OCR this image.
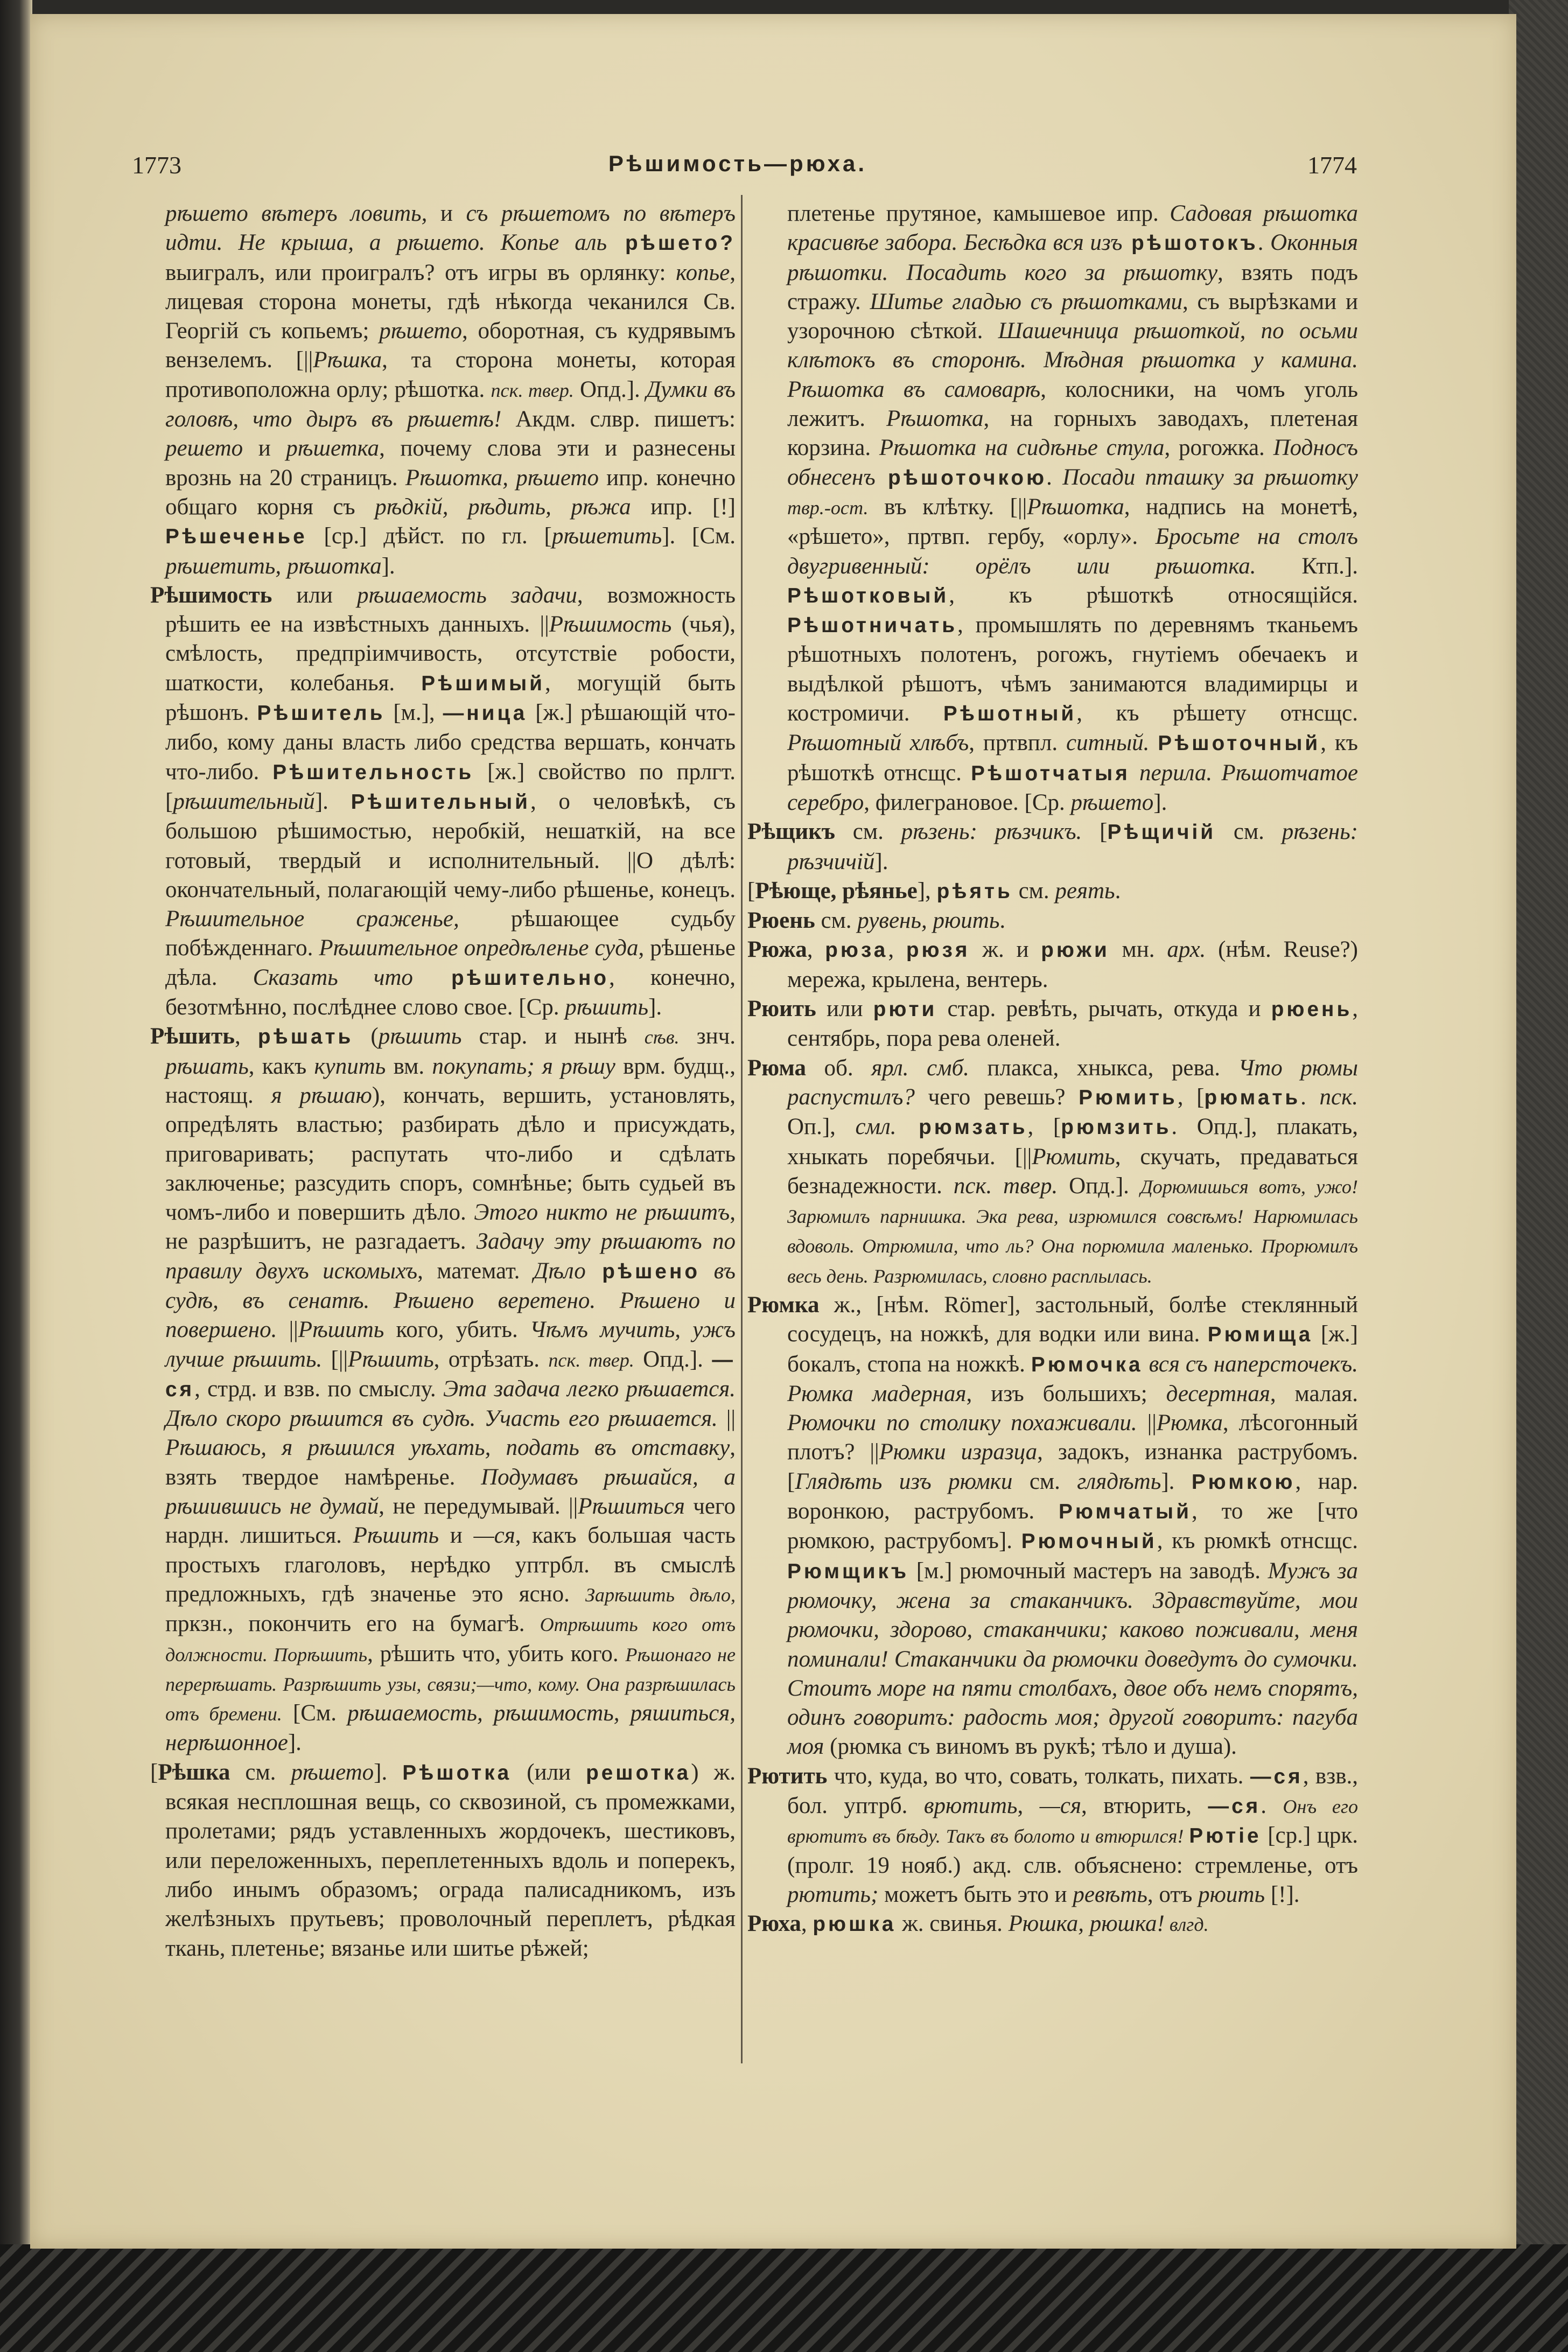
1773	Рѣшимость—рюха.	1774

рѣшето вѣтеръ ловить, и съ рѣшетомъ по вѣтеръ идти. Не крыша, а рѣшето. Копье аль рѣшето? выигралъ, или проигралъ? отъ игры въ орлянку: копье, лицевая сторона монеты, гдѣ нѣкогда чеканился Св. Георгій съ копьемъ; рѣшето, оборотная, съ кудрявымъ вензелемъ. [||Рѣшка, та сторона монеты, которая противоположна орлу; рѣшотка. пск. твер. Опд.]. Думки въ головѣ, что дыръ въ рѣшетѣ! Акдм. слвр. пишетъ: решето и рѣшетка, почему слова эти и разнесены врознь на 20 страницъ. Рѣшотка, рѣшето ипр. конечно общаго корня съ рѣдкій, рѣдить, рѣжа ипр. [!] Рѣшеченье [ср.] дѣйст. по гл. [рѣшетить]. [См. рѣшетить, рѣшотка].

Рѣшимость или рѣшаемость задачи, возможность рѣшить ее на извѣстныхъ данныхъ. ||Рѣшимость (чья), смѣлость, предпріимчивость, отсутствіе робости, шаткости, колебанья. Рѣшимый, могущій быть рѣшонъ. Рѣшитель [м.], —ница [ж.] рѣшающій что-либо, кому даны власть либо средства вершать, кончать что-либо. Рѣшительность [ж.] свойство по прлгт. [рѣшительный]. Рѣшительный, о человѣкѣ, съ большою рѣшимостью, неробкій, нешаткій, на все готовый, твердый и исполнительный. ||О дѣлѣ: окончательный, полагающій чему-либо рѣшенье, конецъ. Рѣшительное сраженье, рѣшающее судьбу побѣжденнаго. Рѣшительное опредѣленье суда, рѣшенье дѣла. Сказать что рѣшительно, конечно, безотмѣнно, послѣднее слово свое. [Ср. рѣшить].

Рѣшить, рѣшать (рѣшить стар. и нынѣ сѣв. знч. рѣшать, какъ купить вм. покупать; я рѣшу врм. будщ., настоящ. я рѣшаю), кончать, вершить, установлять, опредѣлять властью; разбирать дѣло и присуждать, приговаривать; распутать что-либо и сдѣлать заключенье; разсудить споръ, сомнѣнье; быть судьей въ чомъ-либо и повершить дѣло. Этого никто не рѣшитъ, не разрѣшитъ, не разгадаетъ. Задачу эту рѣшаютъ по правилу двухъ искомыхъ, математ. Дѣло рѣшено въ судѣ, въ сенатѣ. Рѣшено веретено. Рѣшено и повершено. ||Рѣшить кого, убить. Чѣмъ мучить, ужъ лучше рѣшить. [||Рѣшить, отрѣзать. пск. твер. Опд.]. —ся, стрд. и взв. по смыслу. Эта задача легко рѣшается. Дѣло скоро рѣшится въ судѣ. Участь его рѣшается. ||Рѣшаюсь, я рѣшился уѣхать, подать въ отставку, взять твердое намѣренье. Подумавъ рѣшайся, а рѣшившись не думай, не передумывай. ||Рѣшиться чего нардн. лишиться. Рѣшить и —ся, какъ большая часть простыхъ глаголовъ, нерѣдко уптрбл. въ смыслѣ предложныхъ, гдѣ значенье это ясно. Зарѣшить дѣло, пркзн., покончить его на бумагѣ. Отрѣшить кого отъ должности. Порѣшить, рѣшить что, убить кого. Рѣшонаго не перерѣшать. Разрѣшить узы, связи;—что, кому. Она разрѣшилась отъ бремени. [См. рѣшаемость, рѣшимость, ряшиться, нерѣшонное].

[Рѣшка см. рѣшето]. Рѣшотка (или решотка) ж. всякая несплошная вещь, со сквозиной, съ промежками, пролетами; рядъ уставленныхъ жордочекъ, шестиковъ, или переложенныхъ, переплетенныхъ вдоль и поперекъ, либо инымъ образомъ; ограда палисадникомъ, изъ желѣзныхъ прутьевъ; проволочный переплетъ, рѣдкая ткань, плетенье; вязанье или шитье рѣжей;

плетенье прутяное, камышевое ипр. Садовая рѣшотка красивѣе забора. Бесѣдка вся изъ рѣшотокъ. Оконныя рѣшотки. Посадить кого за рѣшотку, взять подъ стражу. Шитье гладью съ рѣшотками, съ вырѣзками и узорочною сѣткой. Шашечница рѣшоткой, по осьми клѣтокъ въ сторонѣ. Мѣдная рѣшотка у камина. Рѣшотка въ самоварѣ, колосники, на чомъ уголь лежитъ. Рѣшотка, на горныхъ заводахъ, плетеная корзина. Рѣшотка на сидѣнье стула, рогожка. Подносъ обнесенъ рѣшоточкою. Посади пташку за рѣшотку твр.-ост. въ клѣтку. [||Рѣшотка, надпись на монетѣ, «рѣшето», пртвп. гербу, «орлу». Бросьте на столъ двугривенный: орёлъ или рѣшотка. Ктп.]. Рѣшотковый, къ рѣшоткѣ относящійся. Рѣшотничать, промышлять по деревнямъ тканьемъ рѣшотныхъ полотенъ, рогожъ, гнутіемъ обечаекъ и выдѣлкой рѣшотъ, чѣмъ занимаются владимирцы и костромичи. Рѣшотный, къ рѣшету отнсщс. Рѣшотный хлѣбъ, пртвпл. ситный. Рѣшоточный, къ рѣшоткѣ отнсщс. Рѣшотчатыя перила. Рѣшотчатое серебро, филеграновое. [Ср. рѣшето].

Рѣщикъ см. рѣзень: рѣзчикъ. [Рѣщичій см. рѣзень: рѣзчичій].

[Рѣюще, рѣянье], рѣять см. реять.

Рюень см. рувень, рюить.

Рюжа, рюза, рюзя ж. и рюжи мн. арх. (нѣм. Reuse?) мережа, крылена, вентерь.

Рюить или рюти стар. ревѣть, рычать, откуда и рюень, сентябрь, пора рева оленей.

Рюма об. ярл. смб. плакса, хныкса, рева. Что рюмы распустилъ? чего ревешь? Рюмить, [рюмать. пск. Оп.], смл. рюмзать, [рюмзить. Опд.], плакать, хныкать поребячьи. [||Рюмить, скучать, предаваться безнадежности. пск. твер. Опд.]. Дорюмишься вотъ, ужо! Зарюмилъ парнишка. Эка рева, изрюмился совсѣмъ! Нарюмилась вдоволь. Отрюмила, что ль? Она порюмила маленько. Прорюмилъ весь день. Разрюмилась, словно расплылась.

Рюмка ж., [нѣм. Römer], застольный, болѣе стеклянный сосудецъ, на ножкѣ, для водки или вина. Рюмища [ж.] бокалъ, стопа на ножкѣ. Рюмочка вся съ наперсточекъ. Рюмка мадерная, изъ большихъ; десертная, малая. Рюмочки по столику похаживали. ||Рюмка, лѣсогонный плотъ? ||Рюмки изразца, задокъ, изнанка раструбомъ. [Глядѣть изъ рюмки см. глядѣть]. Рюмкою, нар. воронкою, раструбомъ. Рюмчатый, то же [что рюмкою, раструбомъ]. Рюмочный, къ рюмкѣ отнсщс. Рюмщикъ [м.] рюмочный мастеръ на заводѣ. Мужъ за рюмочку, жена за стаканчикъ. Здравствуйте, мои рюмочки, здорово, стаканчики; каково поживали, меня поминали! Стаканчики да рюмочки доведутъ до сумочки. Стоитъ море на пяти столбахъ, двое объ немъ спорятъ, одинъ говоритъ: радость моя; другой говоритъ: пагуба моя (рюмка съ виномъ въ рукѣ; тѣло и душа).

Рютить что, куда, во что, совать, толкать, пихать. —ся, взв., бол. уптрб. врютить, —ся, втюрить, —ся. Онъ его врютитъ въ бѣду. Такъ въ болото и втюрился! Рютіе [ср.] црк. (пролг. 19 нояб.) акд. слв. объяснено: стремленье, отъ рютить; можетъ быть это и ревѣть, отъ рюить [!].

Рюха, рюшка ж. свинья. Рюшка, рюшка! влгд.
